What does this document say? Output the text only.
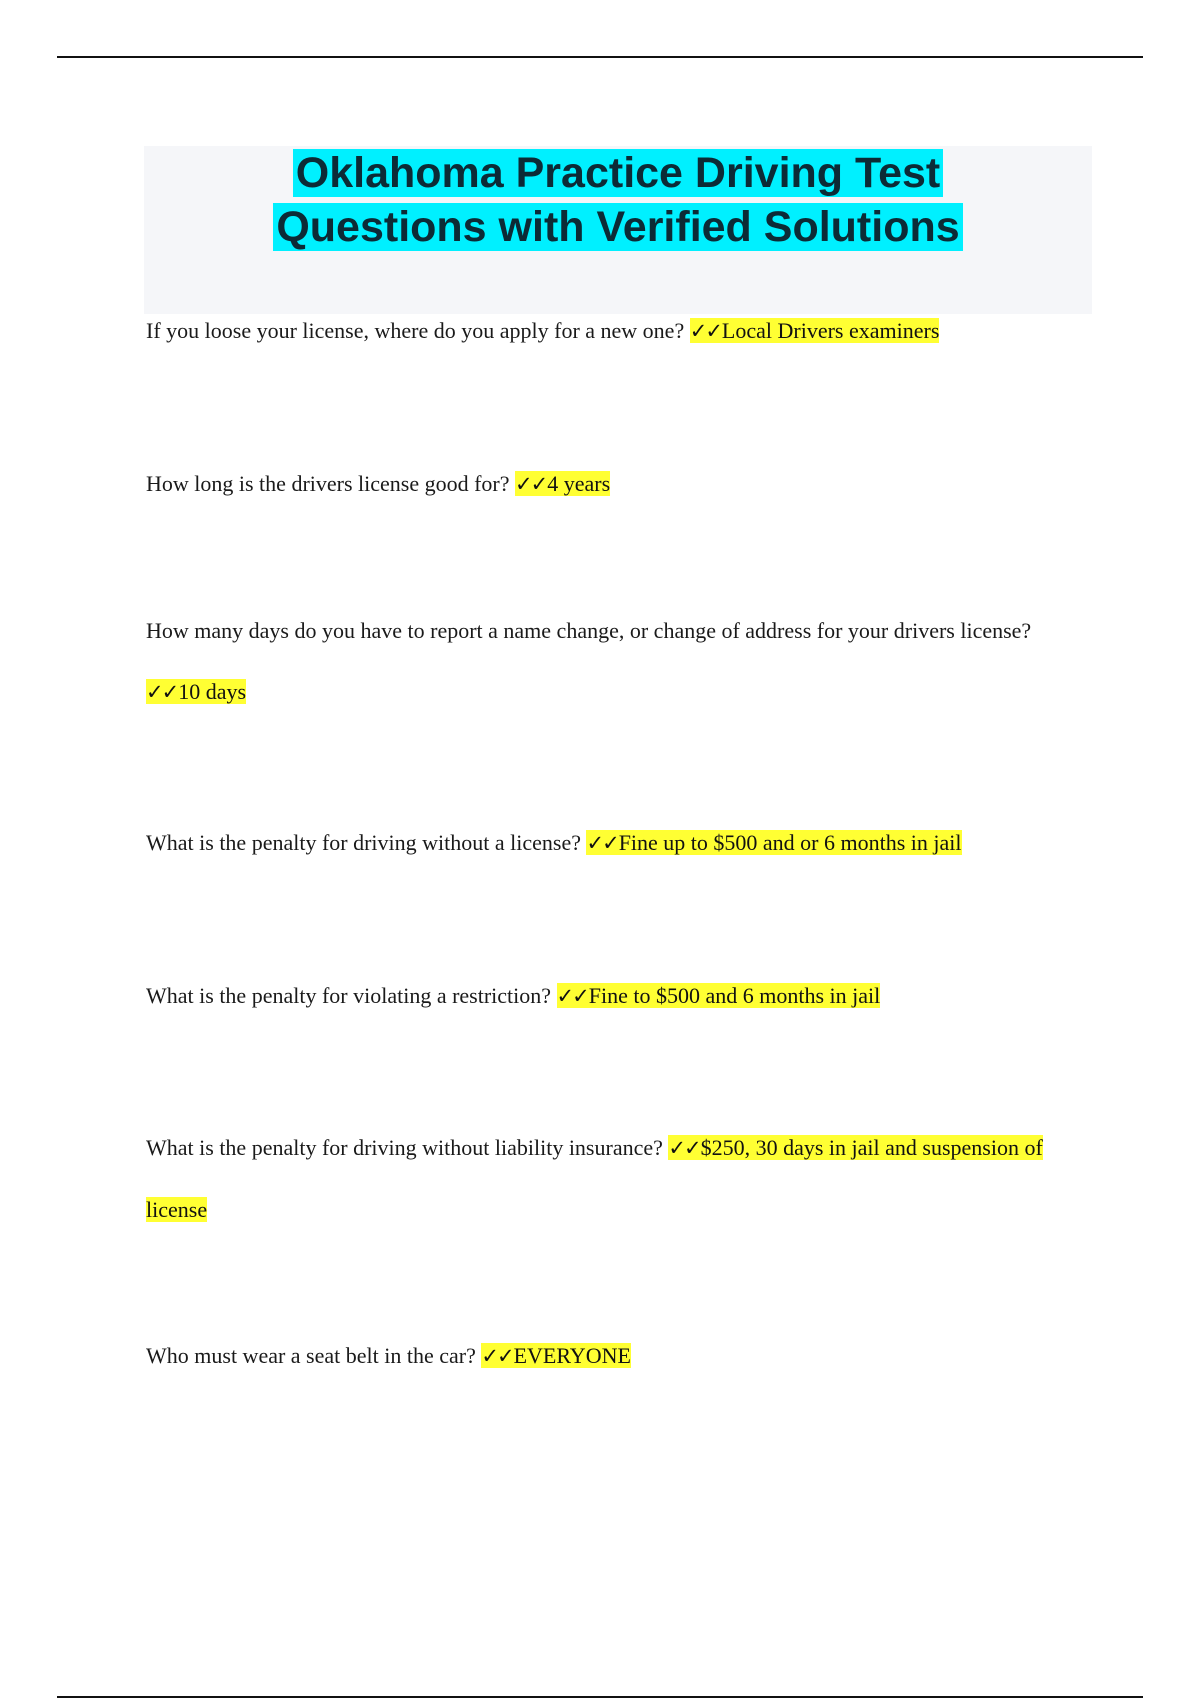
Oklahoma Practice Driving Test
Questions with Verified Solutions

If you loose your license, where do you apply for a new one? ✓✓Local Drivers examiners

How long is the drivers license good for? ✓✓4 years

How many days do you have to report a name change, or change of address for your drivers license? ✓✓10 days

What is the penalty for driving without a license? ✓✓Fine up to $500 and or 6 months in jail

What is the penalty for violating a restriction? ✓✓Fine to $500 and 6 months in jail

What is the penalty for driving without liability insurance? ✓✓$250, 30 days in jail and suspension of license

Who must wear a seat belt in the car? ✓✓EVERYONE
